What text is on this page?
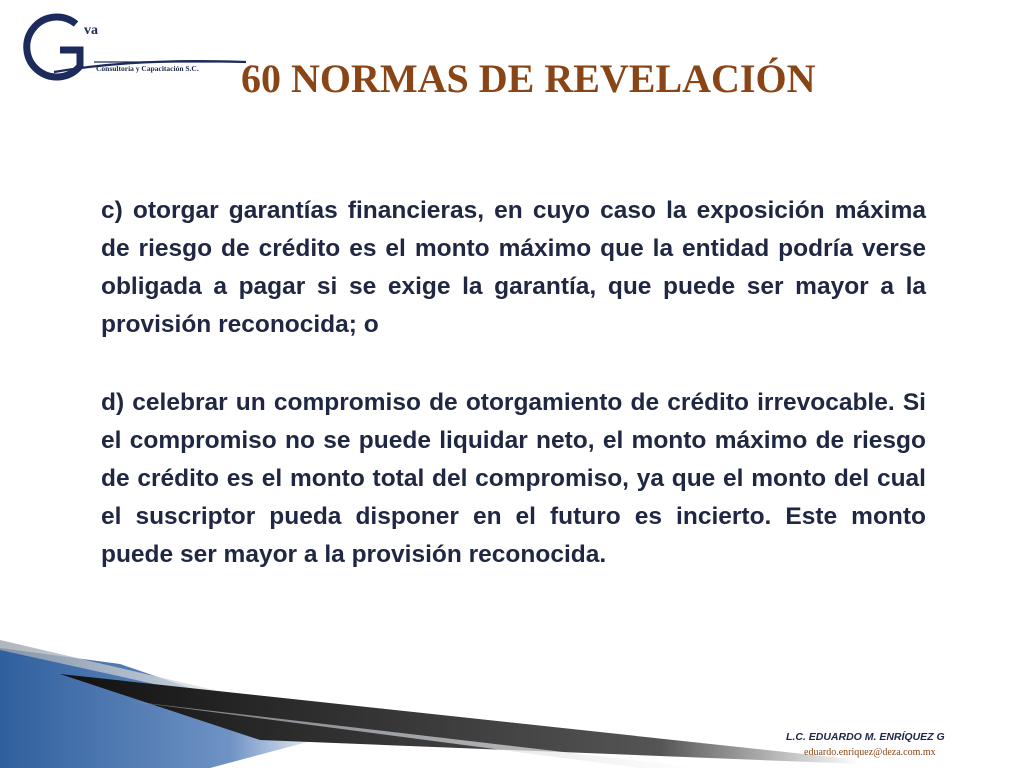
va
Consultoría y Capacitación S.C. 60 NORMAS DE REVELACIÓN

c) otorgar garantías financieras, en cuyo caso la exposición máxima de riesgo de crédito es el monto máximo que la entidad podría verse obligada a pagar si se exige la garantía, que puede ser mayor a la provisión reconocida; o

d) celebrar un compromiso de otorgamiento de crédito irrevocable. Si el compromiso no se puede liquidar neto, el monto máximo de riesgo de crédito es el monto total del compromiso, ya que el monto del cual el suscriptor pueda disponer en el futuro es incierto. Este monto puede ser mayor a la provisión reconocida.

L.C. EDUARDO M. ENRÍQUEZ G
eduardo.enriquez@deza.com.mx
